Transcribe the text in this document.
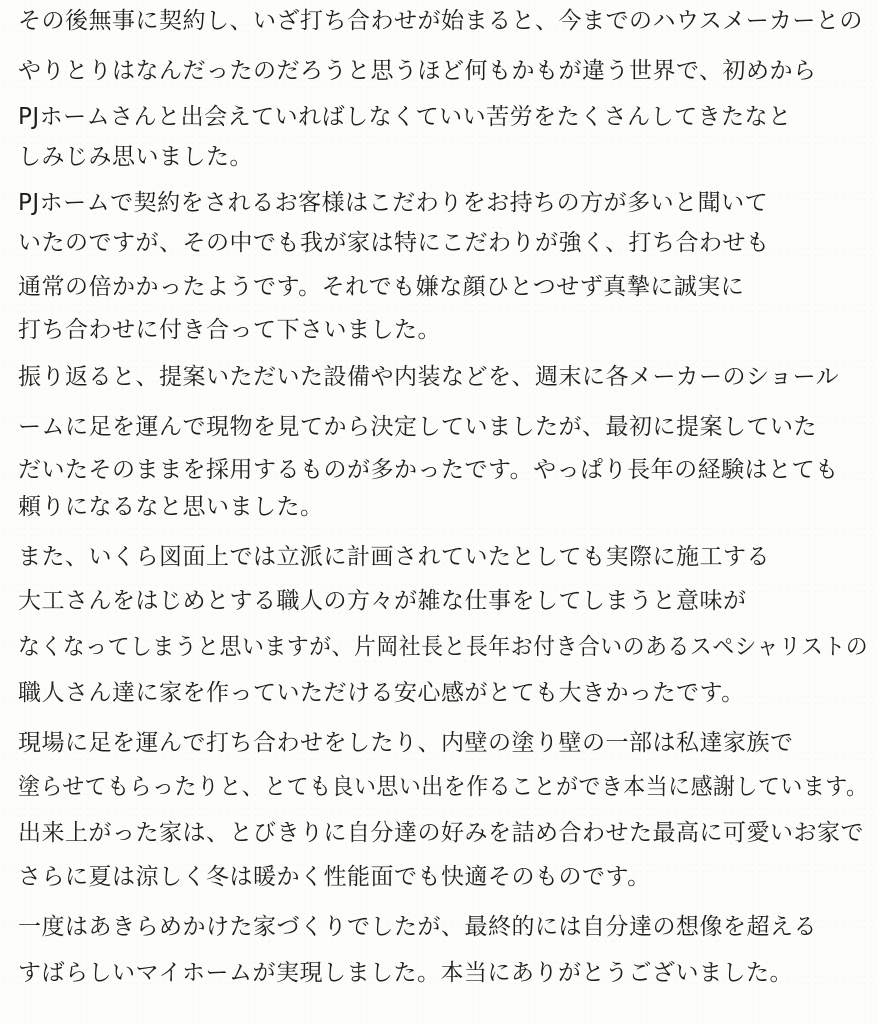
その後無事に契約し、いざ打ち合わせが始まると、今までのハウスメーカーとの

やりとりはなんだったのだろうと思うほど何もかもが違う世界で、初めから

PJホームさんと出会えていればしなくていい苦労をたくさんしてきたなと

しみじみ思いました。

PJホームで契約をされるお客様はこだわりをお持ちの方が多いと聞いて

いたのですが、その中でも我が家は特にこだわりが強く、打ち合わせも

通常の倍かかったようです。それでも嫌な顔ひとつせず真摯に誠実に

打ち合わせに付き合って下さいました。

振り返ると、提案いただいた設備や内装などを、週末に各メーカーのショール

ームに足を運んで現物を見てから決定していましたが、最初に提案していた

だいたそのままを採用するものが多かったです。やっぱり長年の経験はとても

頼りになるなと思いました。

また、いくら図面上では立派に計画されていたとしても実際に施工する

大工さんをはじめとする職人の方々が雑な仕事をしてしまうと意味が

なくなってしまうと思いますが、片岡社長と長年お付き合いのあるスペシャリストの

職人さん達に家を作っていただける安心感がとても大きかったです。

現場に足を運んで打ち合わせをしたり、内壁の塗り壁の一部は私達家族で

塗らせてもらったりと、とても良い思い出を作ることができ本当に感謝しています。

出来上がった家は、とびきりに自分達の好みを詰め合わせた最高に可愛いお家で

さらに夏は涼しく冬は暖かく性能面でも快適そのものです。

一度はあきらめかけた家づくりでしたが、最終的には自分達の想像を超える

すばらしいマイホームが実現しました。本当にありがとうございました。
